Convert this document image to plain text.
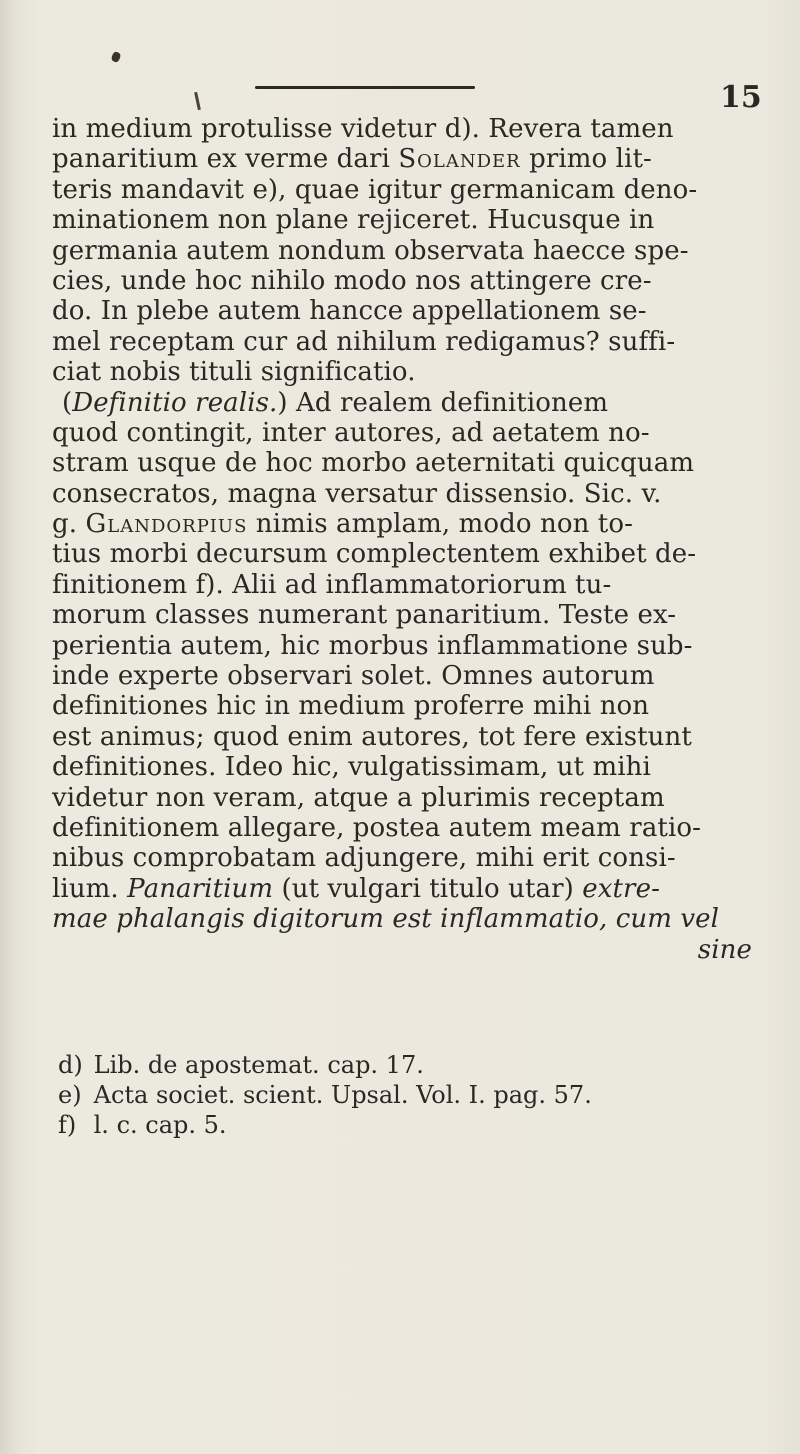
15
in medium protulisse videtur d). Revera tamen
panaritium ex verme dari Solander primo lit-
teris mandavit e), quae igitur germanicam deno-
minationem non plane rejiceret. Hucusque in
germania autem nondum observata haecce spe-
cies, unde hoc nihilo modo nos attingere cre-
do. In plebe autem hancce appellationem se-
mel receptam cur ad nihilum redigamus? suffi-
ciat nobis tituli significatio.
(Definitio realis.) Ad realem definitionem
quod contingit, inter autores, ad aetatem no-
stram usque de hoc morbo aeternitati quicquam
consecratos, magna versatur dissensio. Sic. v.
g. Glandorpius nimis amplam, modo non to-
tius morbi decursum complectentem exhibet de-
finitionem f). Alii ad inflammatoriorum tu-
morum classes numerant panaritium. Teste ex-
perientia autem, hic morbus inflammatione sub-
inde experte observari solet. Omnes autorum
definitiones hic in medium proferre mihi non
est animus; quod enim autores, tot fere existunt
definitiones. Ideo hic, vulgatissimam, ut mihi
videtur non veram, atque a plurimis receptam
definitionem allegare, postea autem meam ratio-
nibus comprobatam adjungere, mihi erit consi-
lium. Panaritium (ut vulgari titulo utar) extre-
mae phalangis digitorum est inflammatio, cum vel
sine
d) Lib. de apostemat. cap. 17.
e) Acta societ. scient. Upsal. Vol. I. pag. 57.
f) l. c. cap. 5.
